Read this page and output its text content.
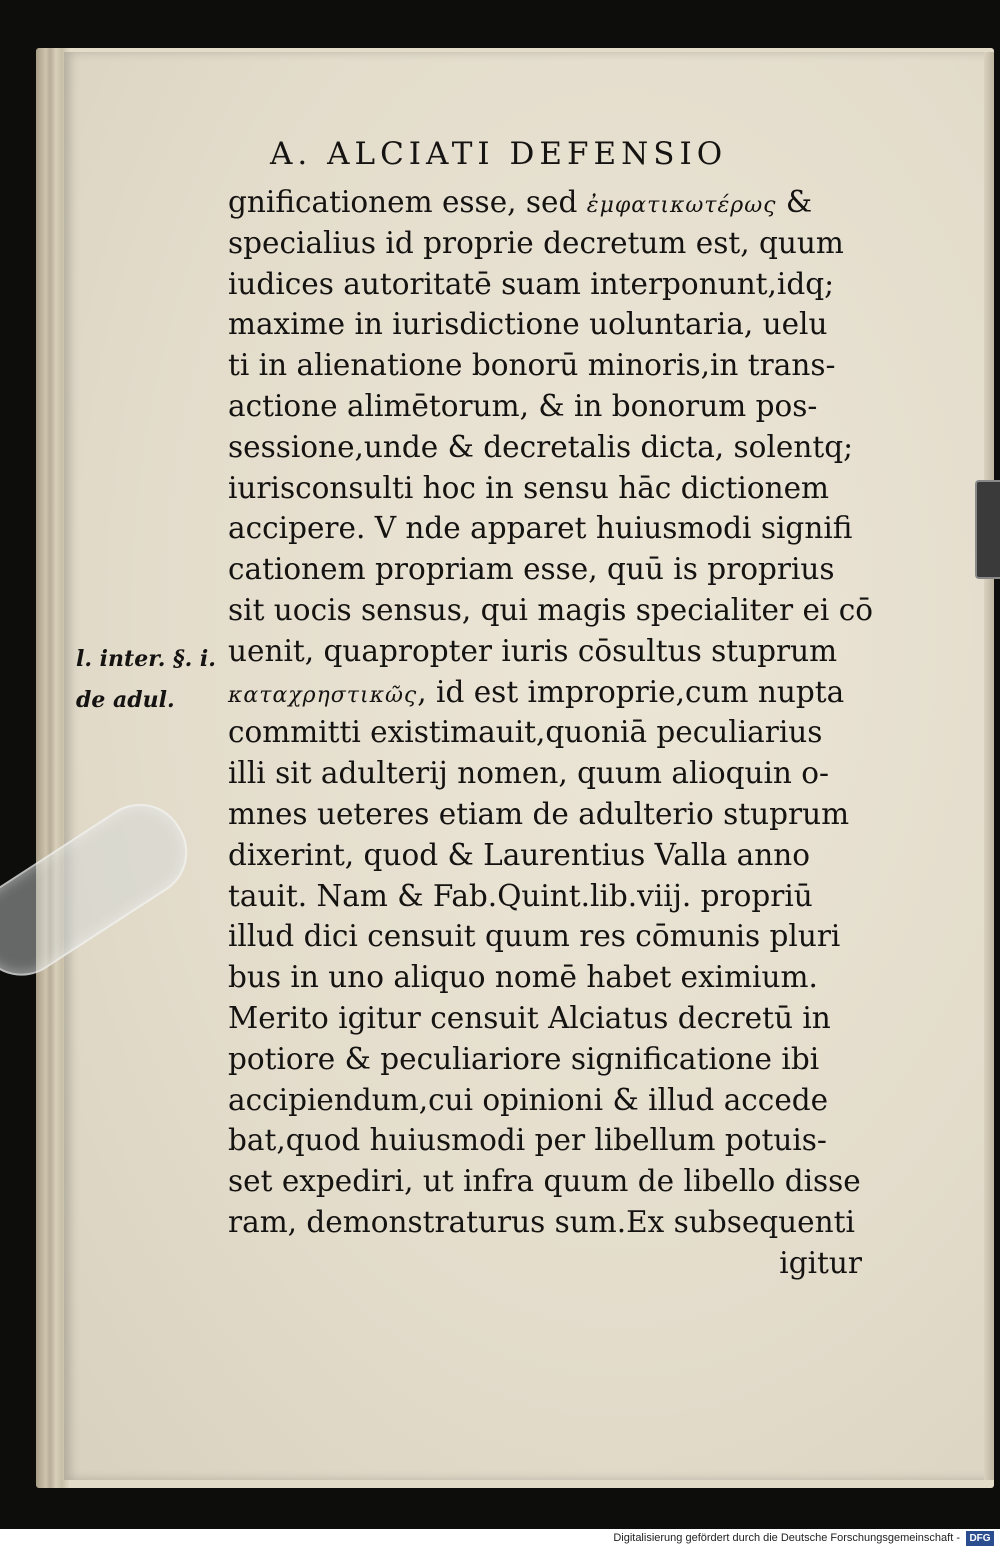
A. ALCIATI DEFENSIO
l. inter. §. i.
de adul.
gnificationem esse, sed ἐμφατικωτέρως &
specialius id proprie decretum est, quum
iudices autoritatē suam interponunt,idq;
maxime in iurisdictione uoluntaria, uelu
ti in alienatione bonorū minoris,in trans-
actione alimētorum, & in bonorum pos-
sessione,unde & decretalis dicta, solentq;
iurisconsulti hoc in sensu hāc dictionem
accipere. V nde apparet huiusmodi signifi
cationem propriam esse, quū is proprius
sit uocis sensus, qui magis specialiter ei cō
uenit, quapropter iuris cōsultus stuprum
καταχρηστικῶς, id est improprie,cum nupta
committi existimauit,quoniā peculiarius
illi sit adulterij nomen, quum alioquin o-
mnes ueteres etiam de adulterio stuprum
dixerint, quod & Laurentius Valla anno
tauit. Nam & Fab.Quint.lib.viij. propriū
illud dici censuit quum res cōmunis pluri
bus in uno aliquo nomē habet eximium.
Merito igitur censuit Alciatus decretū in
potiore & peculiariore significatione ibi
accipiendum,cui opinioni & illud accede
bat,quod huiusmodi per libellum potuis-
set expediri, ut infra quum de libello disse
ram, demonstraturus sum.Ex subsequenti
igitur
Digitalisierung gefördert durch die Deutsche Forschungsgemeinschaft - DFG
